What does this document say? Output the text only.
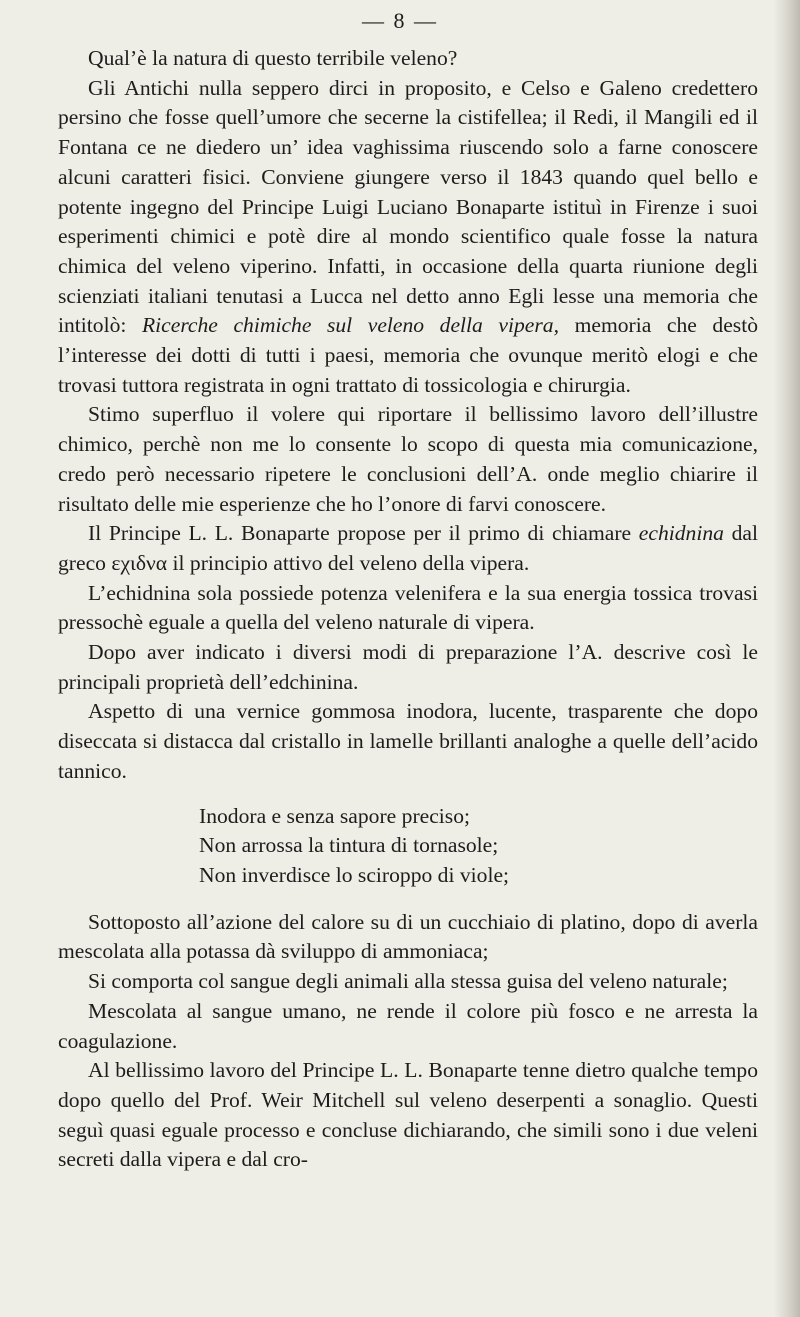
— 8 —

Qual’è la natura di questo terribile veleno?

Gli Antichi nulla seppero dirci in proposito, e Celso e Galeno credettero persino che fosse quell’umore che secerne la cistifellea; il Redi, il Mangili ed il Fontana ce ne diedero un’ idea vaghissima riuscendo solo a farne conoscere alcuni caratteri fisici. Conviene giungere verso il 1843 quando quel bello e potente ingegno del Principe Luigi Luciano Bonaparte istituì in Firenze i suoi esperimenti chimici e potè dire al mondo scientifico quale fosse la natura chimica del veleno viperino. Infatti, in occasione della quarta riunione degli scienziati italiani tenutasi a Lucca nel detto anno Egli lesse una memoria che intitolò: Ricerche chimiche sul veleno della vipera, memoria che destò l’interesse dei dotti di tutti i paesi, memoria che ovunque meritò elogi e che trovasi tuttora registrata in ogni trattato di tossicologia e chirurgia.

Stimo superfluo il volere qui riportare il bellissimo lavoro dell’illustre chimico, perchè non me lo consente lo scopo di questa mia comunicazione, credo però necessario ripetere le conclusioni dell’A. onde meglio chiarire il risultato delle mie esperienze che ho l’onore di farvi conoscere.

Il Principe L. L. Bonaparte propose per il primo di chiamare echidnina dal greco εχιδνα il principio attivo del veleno della vipera.

L’echidnina sola possiede potenza velenifera e la sua energia tossica trovasi pressochè eguale a quella del veleno naturale di vipera.

Dopo aver indicato i diversi modi di preparazione l’A. descrive così le principali proprietà dell’edchinina.

Aspetto di una vernice gommosa inodora, lucente, trasparente che dopo diseccata si distacca dal cristallo in lamelle brillanti analoghe a quelle dell’acido tannico.

Inodora e senza sapore preciso;

Non arrossa la tintura di tornasole;

Non inverdisce lo sciroppo di viole;

Sottoposto all’azione del calore su di un cucchiaio di platino, dopo di averla mescolata alla potassa dà sviluppo di ammoniaca;

Si comporta col sangue degli animali alla stessa guisa del veleno naturale;

Mescolata al sangue umano, ne rende il colore più fosco e ne arresta la coagulazione.

Al bellissimo lavoro del Principe L. L. Bonaparte tenne dietro qualche tempo dopo quello del Prof. Weir Mitchell sul veleno deserpenti a sonaglio. Questi seguì quasi eguale processo e concluse dichiarando, che simili sono i due veleni secreti dalla vipera e dal cro-
